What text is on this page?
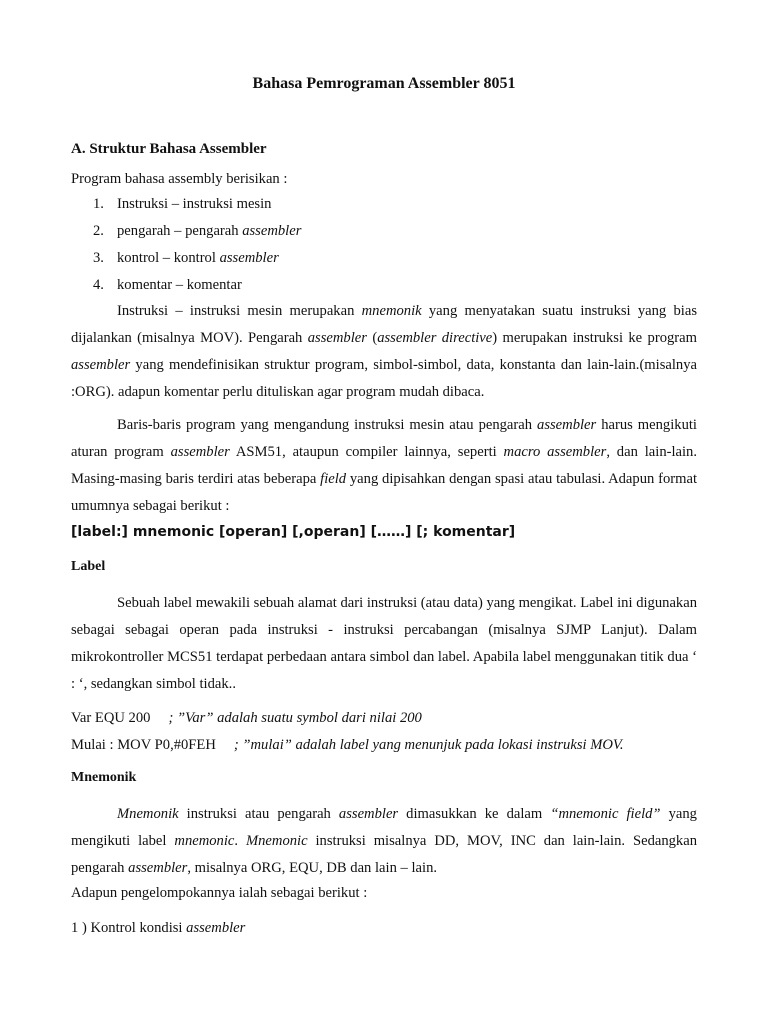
Bahasa Pemrograman Assembler 8051
A. Struktur Bahasa Assembler
Program bahasa assembly berisikan :
1. Instruksi – instruksi mesin
2. pengarah – pengarah assembler
3. kontrol – kontrol assembler
4. komentar – komentar
Instruksi – instruksi mesin merupakan mnemonik yang menyatakan suatu instruksi yang bias dijalankan (misalnya MOV). Pengarah assembler (assembler directive) merupakan instruksi ke program assembler yang mendefinisikan struktur program, simbol-simbol, data, konstanta dan lain-lain.(misalnya :ORG). adapun komentar perlu dituliskan agar program mudah dibaca.
Baris-baris program yang mengandung instruksi mesin atau pengarah assembler harus mengikuti aturan program assembler ASM51, ataupun compiler lainnya, seperti macro assembler, dan lain-lain. Masing-masing baris terdiri atas beberapa field yang dipisahkan dengan spasi atau tabulasi. Adapun format umumnya sebagai berikut :
[label:] mnemonic [operan] [,operan] [……] [; komentar]
Label
Sebuah label mewakili sebuah alamat dari instruksi (atau data) yang mengikat. Label ini digunakan sebagai sebagai operan pada instruksi - instruksi percabangan (misalnya SJMP Lanjut). Dalam mikrokontroller MCS51 terdapat perbedaan antara simbol dan label. Apabila label menggunakan titik dua ‘ : ‘, sedangkan simbol tidak..
Var EQU 200 ; ”Var” adalah suatu symbol dari nilai 200
Mulai : MOV P0,#0FEH ; ”mulai” adalah label yang menunjuk pada lokasi instruksi MOV.
Mnemonik
Mnemonik instruksi atau pengarah assembler dimasukkan ke dalam “mnemonic field” yang mengikuti label mnemonic. Mnemonic instruksi misalnya DD, MOV, INC dan lain-lain. Sedangkan pengarah assembler, misalnya ORG, EQU, DB dan lain – lain.
Adapun pengelompokannya ialah sebagai berikut :
1 ) Kontrol kondisi assembler
